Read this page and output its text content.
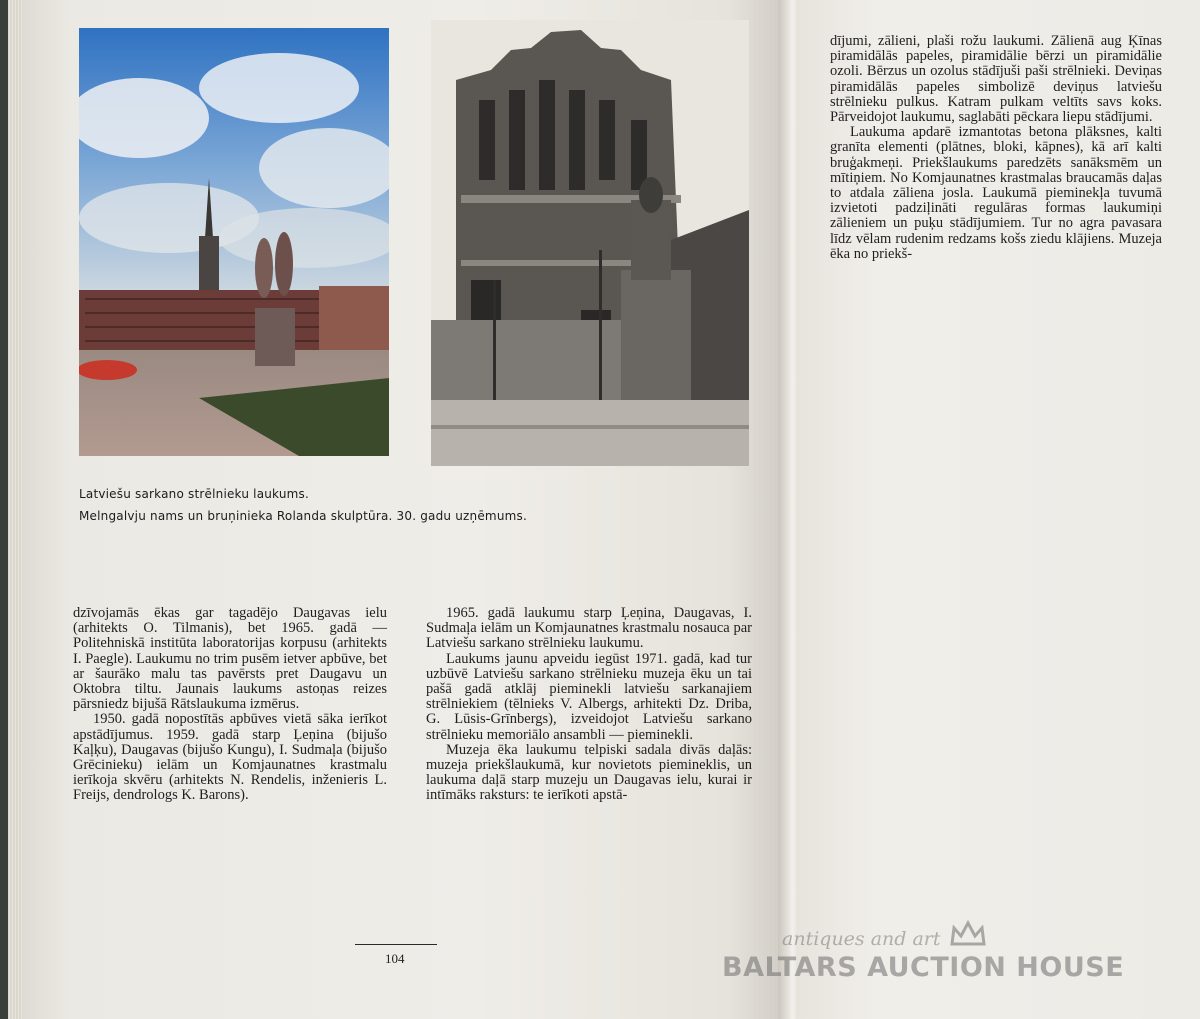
Latviešu sarkano strēlnieku laukums.
Melngalvju nams un bruņinieka Rolanda skulptūra. 30. gadu uzņēmums.

dzīvojamās ēkas gar tagadējo Daugavas ielu (arhitekts O. Tilmanis), bet 1965. gadā — Politehniskā institūta laboratorijas korpusu (arhitekts I. Paegle). Laukumu no trim pusēm ietver apbūve, bet ar šaurāko malu tas pavērsts pret Daugavu un Oktobra tiltu. Jaunais laukums astoņas reizes pārsniedz bijušā Rātslaukuma izmērus.

1950. gadā nopostītās apbūves vietā sāka ierīkot apstādījumus. 1959. gadā starp Ļeņina (bijušo Kaļķu), Daugavas (bijušo Kungu), I. Sudmaļa (bijušo Grēcinieku) ielām un Komjaunatnes krastmalu ierīkoja skvēru (arhitekts N. Rendelis, inženieris L. Freijs, dendrologs K. Barons).

1965. gadā laukumu starp Ļeņina, Daugavas, I. Sudmaļa ielām un Komjaunatnes krastmalu nosauca par Latviešu sarkano strēlnieku laukumu.

Laukums jaunu apveidu iegūst 1971. gadā, kad tur uzbūvē Latviešu sarkano strēlnieku muzeja ēku un tai pašā gadā atklāj pieminekli latviešu sarkanajiem strēlniekiem (tēlnieks V. Albergs, arhitekti Dz. Driba, G. Lūsis-Grīnbergs), izveidojot Latviešu sarkano strēlnieku memoriālo ansambli — pieminekli.

Muzeja ēka laukumu telpiski sadala divās daļās: muzeja priekšlaukumā, kur novietots piemineklis, un laukuma daļā starp muzeju un Daugavas ielu, kurai ir intīmāks raksturs: te ierīkoti apstā-

dījumi, zālieni, plaši rožu laukumi. Zālienā aug Ķīnas piramidālās papeles, piramidālie bērzi un piramidālie ozoli. Bērzus un ozolus stādījuši paši strēlnieki. Deviņas piramidālās papeles simbolizē deviņus latviešu strēlnieku pulkus. Katram pulkam veltīts savs koks. Pārveidojot laukumu, saglabāti pēckara liepu stādījumi.

Laukuma apdarē izmantotas betona plāksnes, kalti granīta elementi (plātnes, bloki, kāpnes), kā arī kalti bruģakmeņi. Priekšlaukums paredzēts sanāksmēm un mītiņiem. No Komjaunatnes krastmalas braucamās daļas to atdala zāliena josla. Laukumā pieminekļa tuvumā izvietoti padziļināti regulāras formas laukumiņi zālieniem un puķu stādījumiem. Tur no agra pavasara līdz vēlam rudenim redzams košs ziedu klājiens. Muzeja ēka no priekš-

104
antiques and art
BALTARS AUCTION HOUSE
